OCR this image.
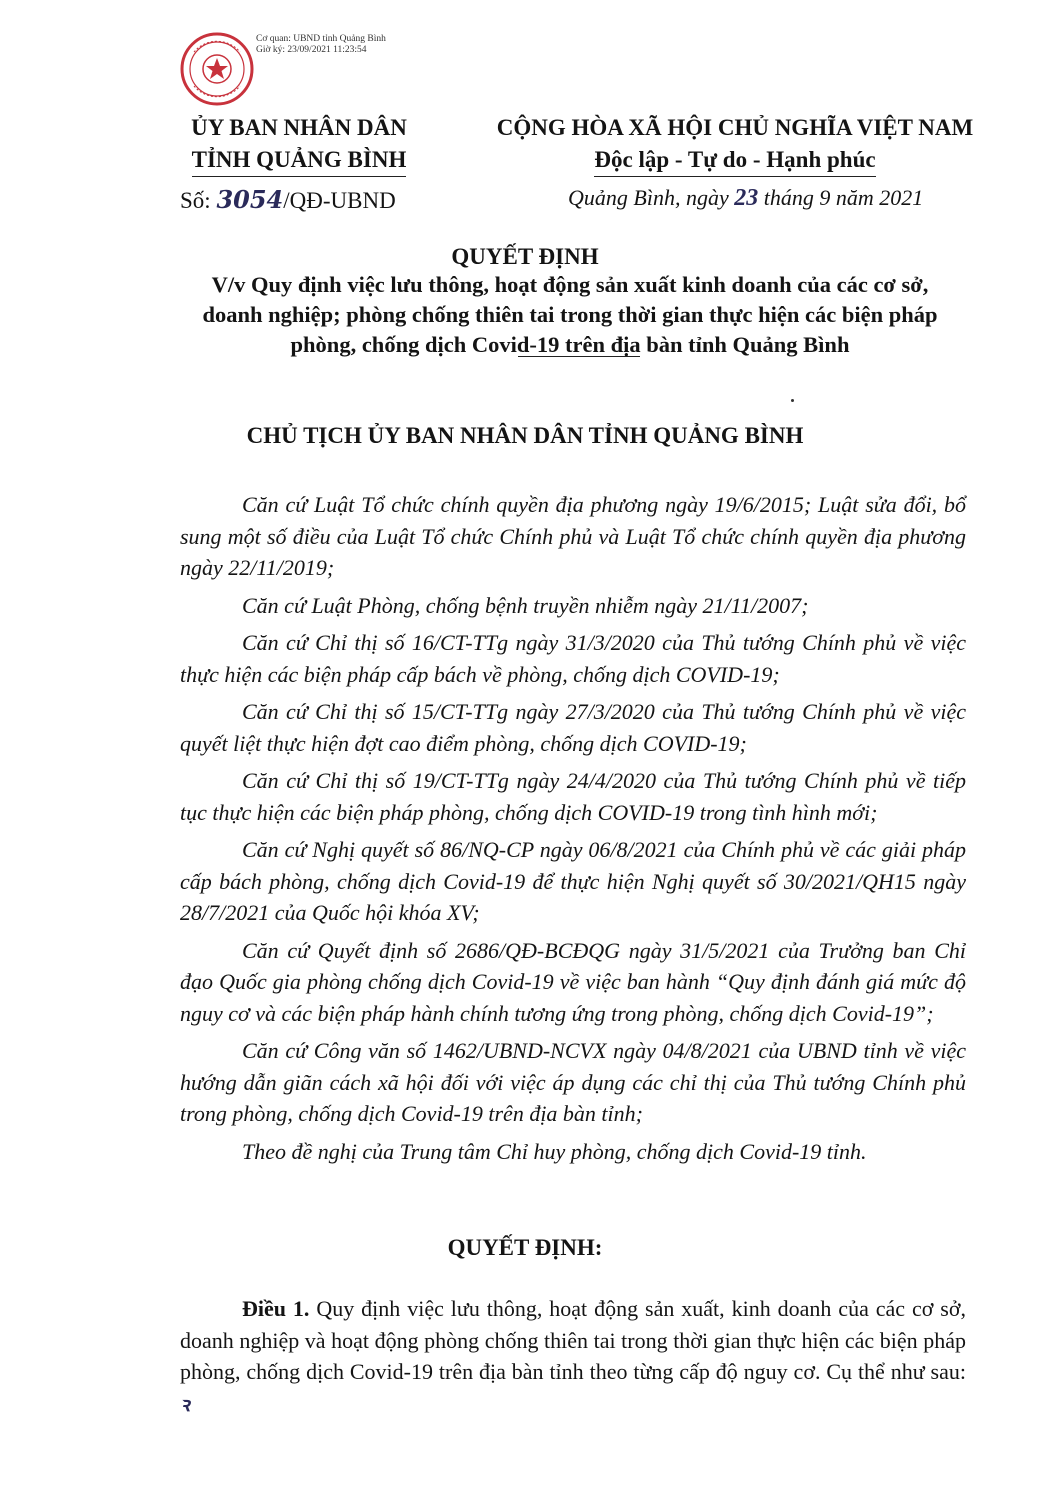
Cơ quan: UBND tỉnh Quảng Bình
Giờ ký: 23/09/2021 11:23:54
ỦY BAN NHÂN DÂN
TỈNH QUẢNG BÌNH
Số: 3054/QĐ-UBND
CỘNG HÒA XÃ HỘI CHỦ NGHĨA VIỆT NAM
Độc lập - Tự do - Hạnh phúc
Quảng Bình, ngày 23 tháng 9 năm 2021
QUYẾT ĐỊNH
V/v Quy định việc lưu thông, hoạt động sản xuất kinh doanh của các cơ sở, doanh nghiệp; phòng chống thiên tai trong thời gian thực hiện các biện pháp phòng, chống dịch Covid-19 trên địa bàn tỉnh Quảng Bình
CHỦ TỊCH ỦY BAN NHÂN DÂN TỈNH QUẢNG BÌNH

Căn cứ Luật Tổ chức chính quyền địa phương ngày 19/6/2015; Luật sửa đổi, bổ sung một số điều của Luật Tổ chức Chính phủ và Luật Tổ chức chính quyền địa phương ngày 22/11/2019;

Căn cứ Luật Phòng, chống bệnh truyền nhiễm ngày 21/11/2007;

Căn cứ Chỉ thị số 16/CT-TTg ngày 31/3/2020 của Thủ tướng Chính phủ về việc thực hiện các biện pháp cấp bách về phòng, chống dịch COVID-19;

Căn cứ Chỉ thị số 15/CT-TTg ngày 27/3/2020 của Thủ tướng Chính phủ về việc quyết liệt thực hiện đợt cao điểm phòng, chống dịch COVID-19;

Căn cứ Chỉ thị số 19/CT-TTg ngày 24/4/2020 của Thủ tướng Chính phủ về tiếp tục thực hiện các biện pháp phòng, chống dịch COVID-19 trong tình hình mới;

Căn cứ Nghị quyết số 86/NQ-CP ngày 06/8/2021 của Chính phủ về các giải pháp cấp bách phòng, chống dịch Covid-19 để thực hiện Nghị quyết số 30/2021/QH15 ngày 28/7/2021 của Quốc hội khóa XV;

Căn cứ Quyết định số 2686/QĐ-BCĐQG ngày 31/5/2021 của Trưởng ban Chỉ đạo Quốc gia phòng chống dịch Covid-19 về việc ban hành “Quy định đánh giá mức độ nguy cơ và các biện pháp hành chính tương ứng trong phòng, chống dịch Covid-19”;

Căn cứ Công văn số 1462/UBND-NCVX ngày 04/8/2021 của UBND tỉnh về việc hướng dẫn giãn cách xã hội đối với việc áp dụng các chỉ thị của Thủ tướng Chính phủ trong phòng, chống dịch Covid-19 trên địa bàn tỉnh;

Theo đề nghị của Trung tâm Chỉ huy phòng, chống dịch Covid-19 tỉnh.

QUYẾT ĐỊNH:
Điều 1. Quy định việc lưu thông, hoạt động sản xuất, kinh doanh của các cơ sở, doanh nghiệp và hoạt động phòng chống thiên tai trong thời gian thực hiện các biện pháp phòng, chống dịch Covid-19 trên địa bàn tỉnh theo từng cấp độ nguy cơ. Cụ thể như sau: ꝛ
